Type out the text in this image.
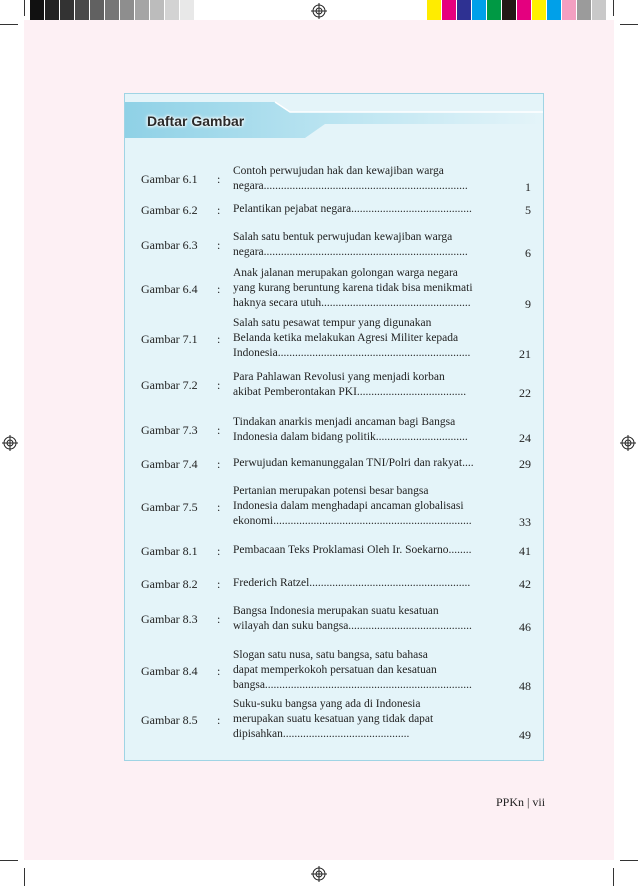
Daftar Gambar
Gambar 6.1 :
Contoh perwujudan hak dan kewajiban warga
negara.......................................................................	1
Gambar 6.2 : Pelantikan pejabat negara..........................................	5
Gambar 6.3 :
Salah satu bentuk perwujudan kewajiban warga
negara.......................................................................	6
Gambar 6.4 :
Anak jalanan merupakan golongan warga negara
yang kurang beruntung karena tidak bisa menikmati
haknya secara utuh....................................................	9
Gambar 7.1 :
Salah satu pesawat tempur yang digunakan
Belanda ketika melakukan Agresi Militer kepada
Indonesia...................................................................	21
Gambar 7.2 :
Para Pahlawan Revolusi yang menjadi korban
akibat Pemberontakan PKI......................................	22
Gambar 7.3 :
Tindakan anarkis menjadi ancaman bagi Bangsa
Indonesia dalam bidang politik................................	24
Gambar 7.4 : Perwujudan kemanunggalan TNI/Polri dan rakyat....	29
Gambar 7.5 :
Pertanian merupakan potensi besar bangsa
Indonesia dalam menghadapi ancaman globalisasi
ekonomi.....................................................................	33
Gambar 8.1 : Pembacaan Teks Proklamasi Oleh Ir. Soekarno........	41
Gambar 8.2 : Frederich Ratzel........................................................	42
Gambar 8.3 :
Bangsa Indonesia merupakan suatu kesatuan
wilayah dan suku bangsa...........................................	46
Gambar 8.4 :
Slogan satu nusa, satu bangsa, satu bahasa
dapat memperkokoh persatuan dan kesatuan
bangsa........................................................................	48
Gambar 8.5 :
Suku-suku bangsa yang ada di Indonesia
merupakan suatu kesatuan yang tidak dapat
dipisahkan............................................	49
PPKn | vii
